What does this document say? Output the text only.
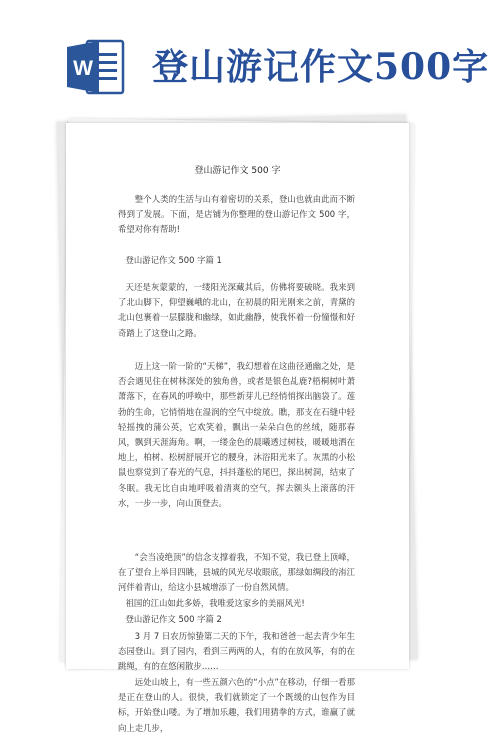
W 登山游记作文500字
登山游记作文 500 字

整个人类的生活与山有着密切的关系，登山也就由此而不断得到了发展。下面，是店铺为你整理的登山游记作文 500 字，希望对你有帮助!

登山游记作文 500 字篇 1

天还是灰蒙蒙的，一缕阳光深藏其后，仿佛将要破晓。我来到了北山脚下，仰望巍峨的北山，在初晨的阳光刚来之前，青黛的北山包裹着一层朦胧和幽绿，如此幽静，使我怀着一份憧憬和好奇踏上了这登山之路。

迈上这一阶一阶的“天梯”，我幻想着在这曲径通幽之处，是否会遇见住在树林深处的独角兽，或者是银色乩鹿?梧桐树叶萧萧落下，在春风的呼唤中，那些新芽儿已经悄悄探出脑袋了。莲勃的生命，它悄悄地在湿润的空气中绽放。瞧，那支在石缝中轻轻摇拽的蒲公英，它欢笑着，飘出一朵朵白色的丝绒，随那春风，飘到天涯海角。啊，一缕金色的晨曦透过树枝，暖暖地洒在地上，柏树、松树舒展开它的腰身，沐浴阳光来了。灰黑的小松鼠也察觉到了春光的气息，抖抖蓬松的尾巴，探出树洞，结束了冬眠。我无比自由地呼吸着清爽的空气，挥去额头上滚落的汗水，一步一步，向山顶登去。

“会当凌绝顶”的信念支撑着我，不知不觉，我已登上顶峰，在了望台上举目四眺，县城的风光尽收眼底，那绿如绸段的洧江河伴着青山，给这小县城增添了一份自然风情。

祖国的江山如此多娇，我唯爱这家乡的美丽风光!

登山游记作文 500 字篇 2

3 月 7 日农历惊蛰第二天的下午，我和爸爸一起去青少年生态园登山。到了园内，看到三两两的人，有的在放风筝，有的在跳绳，有的在悠闲散步……

远处山坡上，有一些五颜六色的“小点”在移动，仔细一看那是正在登山的人。很快，我们就锁定了一个既缓的山包作为目标，开始登山喽。为了增加乐趣，我们用猜拳的方式，谁赢了就向上走几步，
